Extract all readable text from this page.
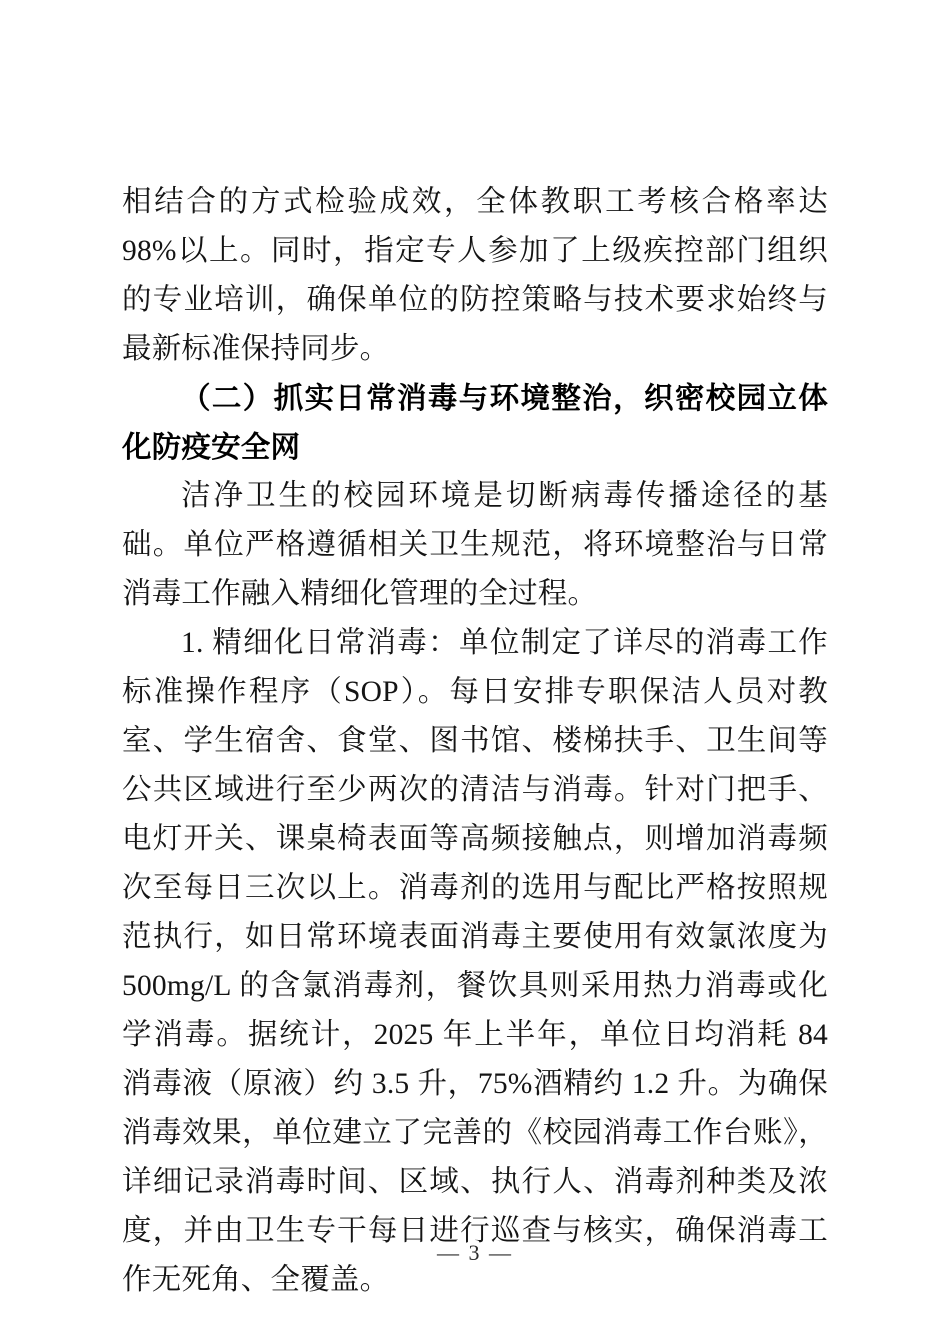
相结合的方式检验成效，全体教职工考核合格率达 98%以上。同时，指定专人参加了上级疾控部门组织的专业培训，确保单位的防控策略与技术要求始终与最新标准保持同步。

（二）抓实日常消毒与环境整治，织密校园立体化防疫安全网

洁净卫生的校园环境是切断病毒传播途径的基础。单位严格遵循相关卫生规范，将环境整治与日常消毒工作融入精细化管理的全过程。

1. 精细化日常消毒：单位制定了详尽的消毒工作标准操作程序（SOP）。每日安排专职保洁人员对教室、学生宿舍、食堂、图书馆、楼梯扶手、卫生间等公共区域进行至少两次的清洁与消毒。针对门把手、电灯开关、课桌椅表面等高频接触点，则增加消毒频次至每日三次以上。消毒剂的选用与配比严格按照规范执行，如日常环境表面消毒主要使用有效氯浓度为 500mg/L 的含氯消毒剂，餐饮具则采用热力消毒或化学消毒。据统计，2025 年上半年，单位日均消耗 84 消毒液（原液）约 3.5 升，75%酒精约 1.2 升。为确保消毒效果，单位建立了完善的《校园消毒工作台账》，详细记录消毒时间、区域、执行人、消毒剂种类及浓度，并由卫生专干每日进行巡查与核实，确保消毒工作无死角、全覆盖。

— 3 —
